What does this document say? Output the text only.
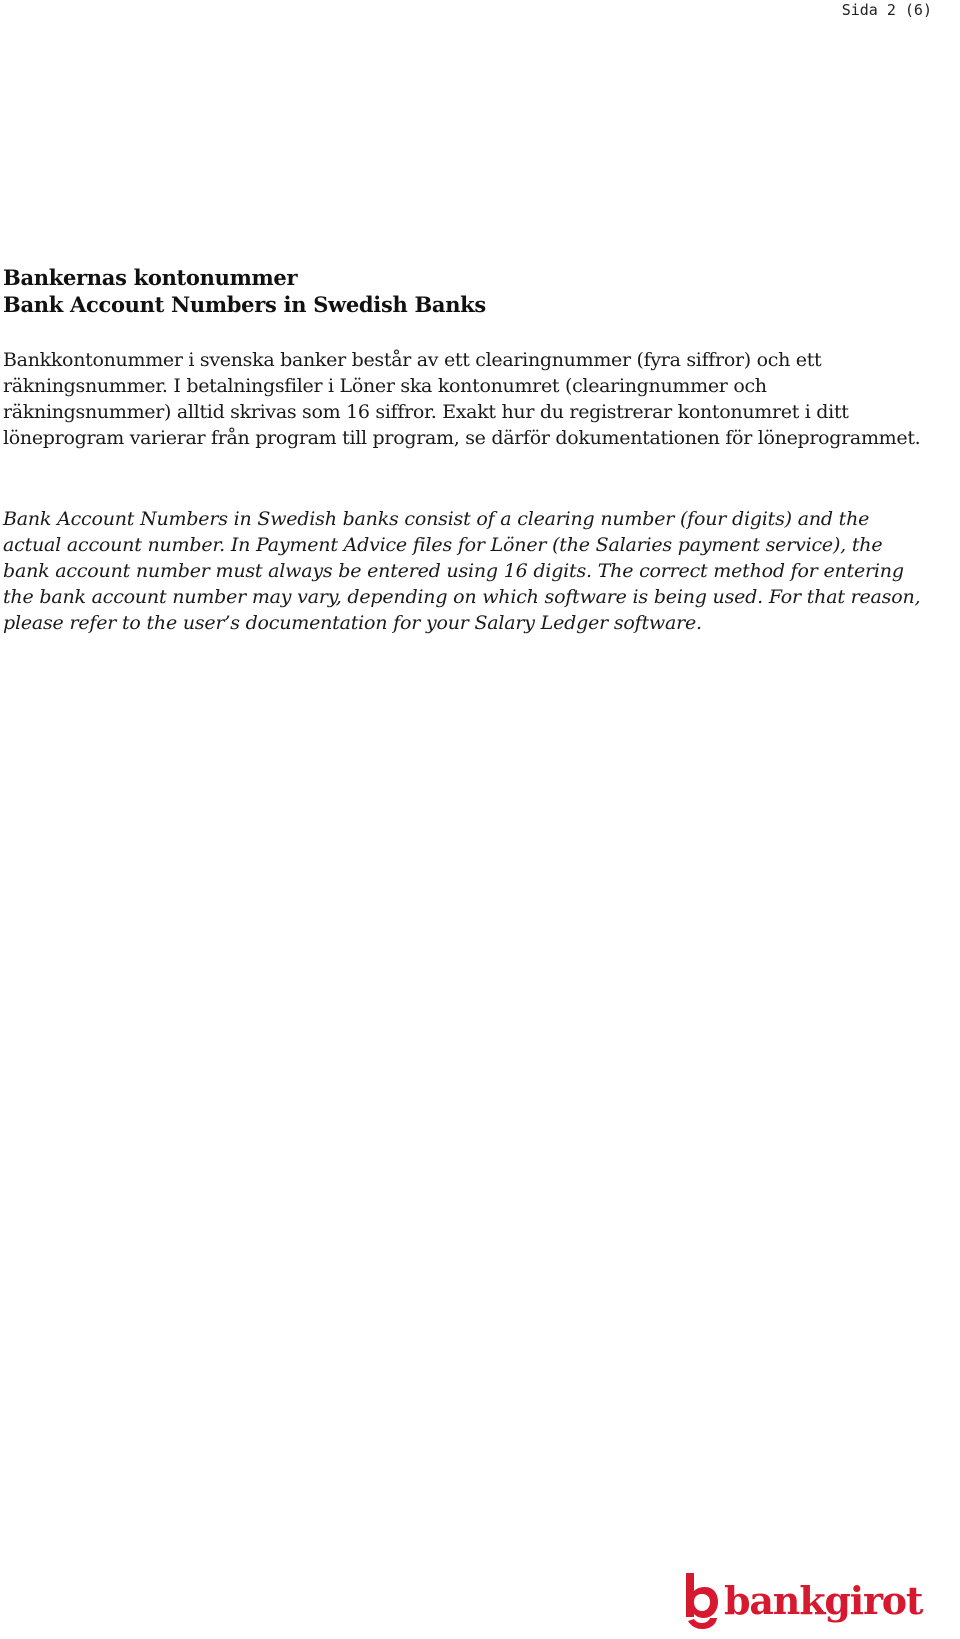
Sida 2 (6)
Bankernas kontonummer
Bank Account Numbers in Swedish Banks

Bankkontonummer i svenska banker består av ett clearingnummer (fyra siffror) och ett räkningsnummer. I betalningsfiler i Löner ska kontonumret (clearingnummer och räkningsnummer) alltid skrivas som 16 siffror. Exakt hur du registrerar kontonumret i ditt löneprogram varierar från program till program, se därför dokumentationen för löneprogrammet.

Bank Account Numbers in Swedish banks consist of a clearing number (four digits) and the actual account number. In Payment Advice files for Löner (the Salaries payment service), the bank account number must always be entered using 16 digits. The correct method for entering the bank account number may vary, depending on which software is being used. For that reason, please refer to the user’s documentation for your Salary Ledger software.

bankgirot
